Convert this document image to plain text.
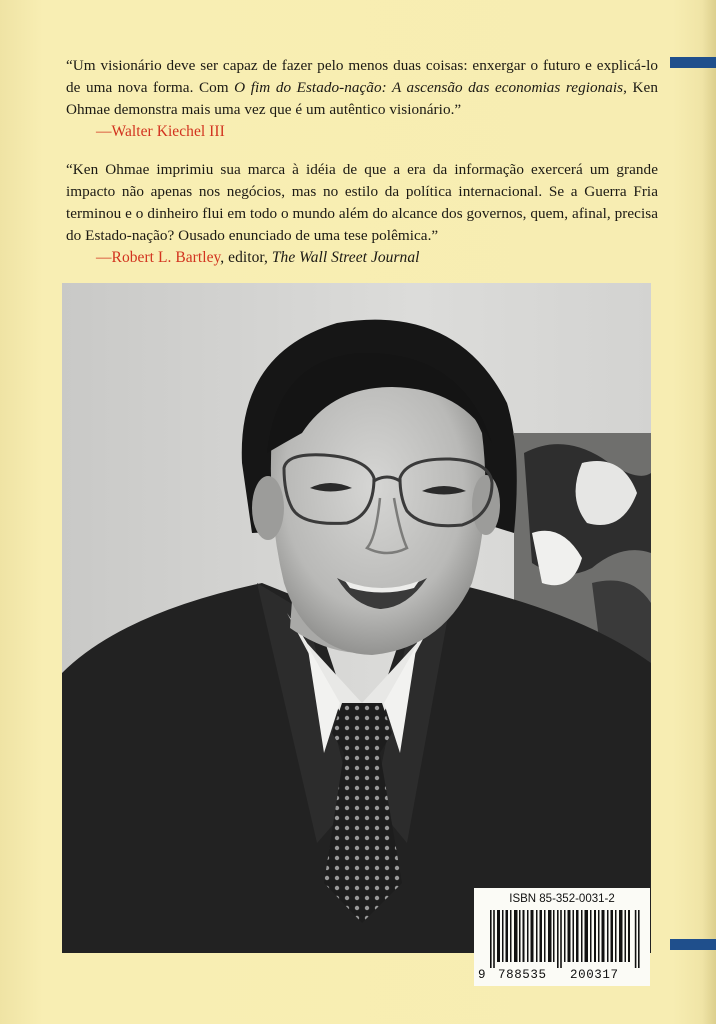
“Um visionário deve ser capaz de fazer pelo menos duas coisas: enxergar o futuro e explicá-lo de uma nova forma. Com O fim do Estado-nação: A ascensão das economias regionais, Ken Ohmae demonstra mais uma vez que é um autêntico visionário.”

—Walter Kiechel III

“Ken Ohmae imprimiu sua marca à idéia de que a era da informação exercerá um grande impacto não apenas nos negócios, mas no estilo da política internacional. Se a Guerra Fria terminou e o dinheiro flui em todo o mundo além do alcance dos governos, quem, afinal, precisa do Estado-nação? Ousado enunciado de uma tese polêmica.”

—Robert L. Bartley, editor, The Wall Street Journal

ISBN 85-352-0031-2
9 788535 200317
